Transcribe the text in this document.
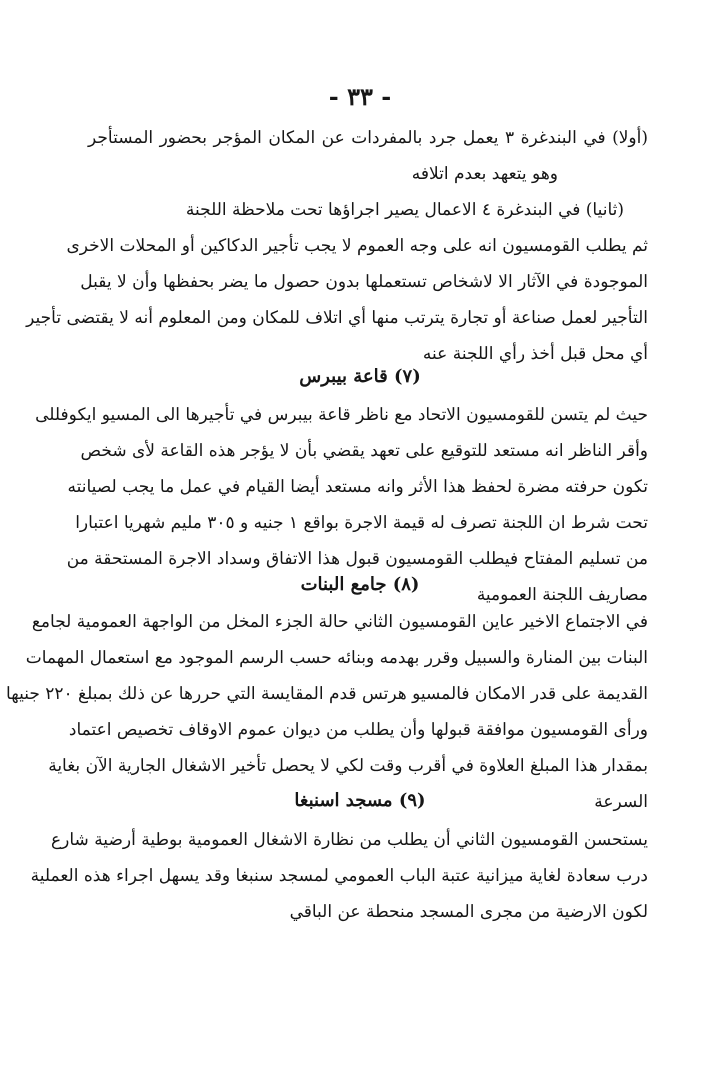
- ٣٣ -

(أولا) في البندغرة ٣ يعمل جرد بالمفردات عن المكان المؤجر بحضور المستأجر

وهو يتعهد بعدم اتلافه

(ثانيا) في البندغرة ٤ الاعمال يصير اجراؤها تحت ملاحظة اللجنة

ثم يطلب القومسيون انه على وجه العموم لا يجب تأجير الدكاكين أو المحلات الاخرى

الموجودة في الآثار الا لاشخاص تستعملها بدون حصول ما يضر بحفظها وأن لا يقبل

التأجير لعمل صناعة أو تجارة يترتب منها أي اتلاف للمكان ومن المعلوم أنه لا يقتضى تأجير

أي محل قبل أخذ رأي اللجنة عنه

(٧) قاعة بيبرس

حيث لم يتسن للقومسيون الاتحاد مع ناظر قاعة بيبرس في تأجيرها الى المسيو ايكوفللى

وأقر الناظر انه مستعد للتوقيع على تعهد يقضي بأن لا يؤجر هذه القاعة لأى شخص

تكون حرفته مضرة لحفظ هذا الأثر وانه مستعد أيضا القيام في عمل ما يجب لصيانته

تحت شرط ان اللجنة تصرف له قيمة الاجرة بواقع ١ جنيه و ٣٠٥ مليم شهريا اعتبارا

من تسليم المفتاح فيطلب القومسيون قبول هذا الاتفاق وسداد الاجرة المستحقة من

مصاريف اللجنة العمومية

(٨) جامع البنات

في الاجتماع الاخير عاين القومسيون الثاني حالة الجزء المخل من الواجهة العمومية لجامع

البنات بين المنارة والسبيل وقرر بهدمه وبنائه حسب الرسم الموجود مع استعمال المهمات

القديمة على قدر الامكان فالمسيو هرتس قدم المقايسة التي حررها عن ذلك بمبلغ ٢٢٠ جنيها

ورأى القومسيون موافقة قبولها وأن يطلب من ديوان عموم الاوقاف تخصيص اعتماد

بمقدار هذا المبلغ العلاوة في أقرب وقت لكي لا يحصل تأخير الاشغال الجارية الآن بغاية

السرعة

(٩) مسجد اسنبغا

يستحسن القومسيون الثاني أن يطلب من نظارة الاشغال العمومية بوطية أرضية شارع

درب سعادة لغاية ميزانية عتبة الباب العمومي لمسجد سنبغا وقد يسهل اجراء هذه العملية

لكون الارضية من مجرى المسجد منحطة عن الباقي
